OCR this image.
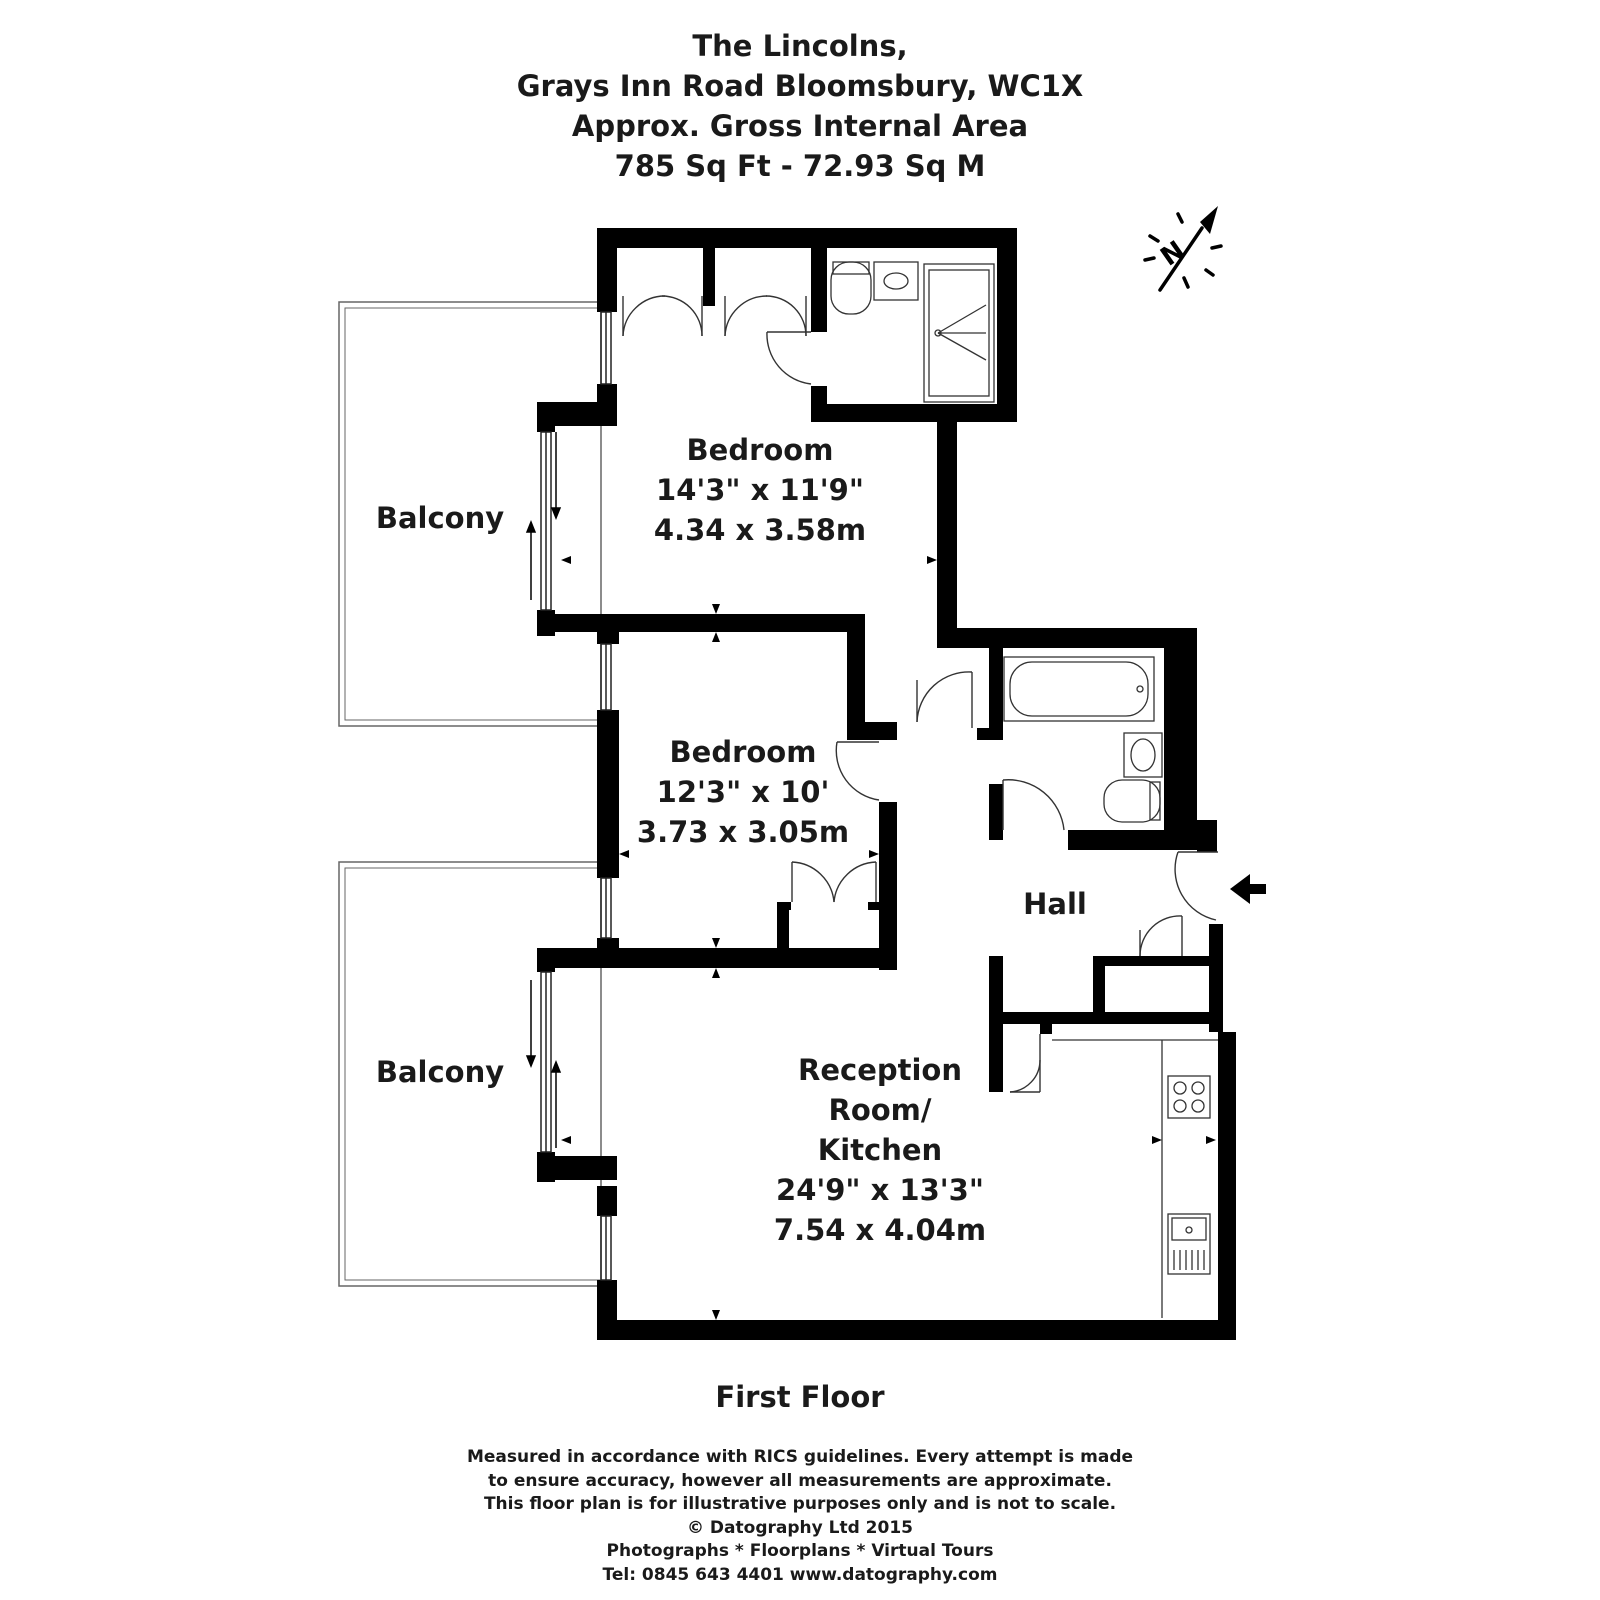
The Lincolns,
Grays Inn Road Bloomsbury, WC1X
Approx. Gross Internal Area
785 Sq Ft - 72.93 Sq M
N
Bedroom
14'3" x 11'9"
4.34 x 3.58m
Bedroom
12'3" x 10'
3.73 x 3.05m
Balcony
Balcony
Hall
Reception
Room/
Kitchen
24'9" x 13'3"
7.54 x 4.04m
First Floor
Measured in accordance with RICS guidelines. Every attempt is made
to ensure accuracy, however all measurements are approximate.
This floor plan is for illustrative purposes only and is not to scale.
© Datography Ltd 2015
Photographs * Floorplans * Virtual Tours
Tel: 0845 643 4401 www.datography.com
